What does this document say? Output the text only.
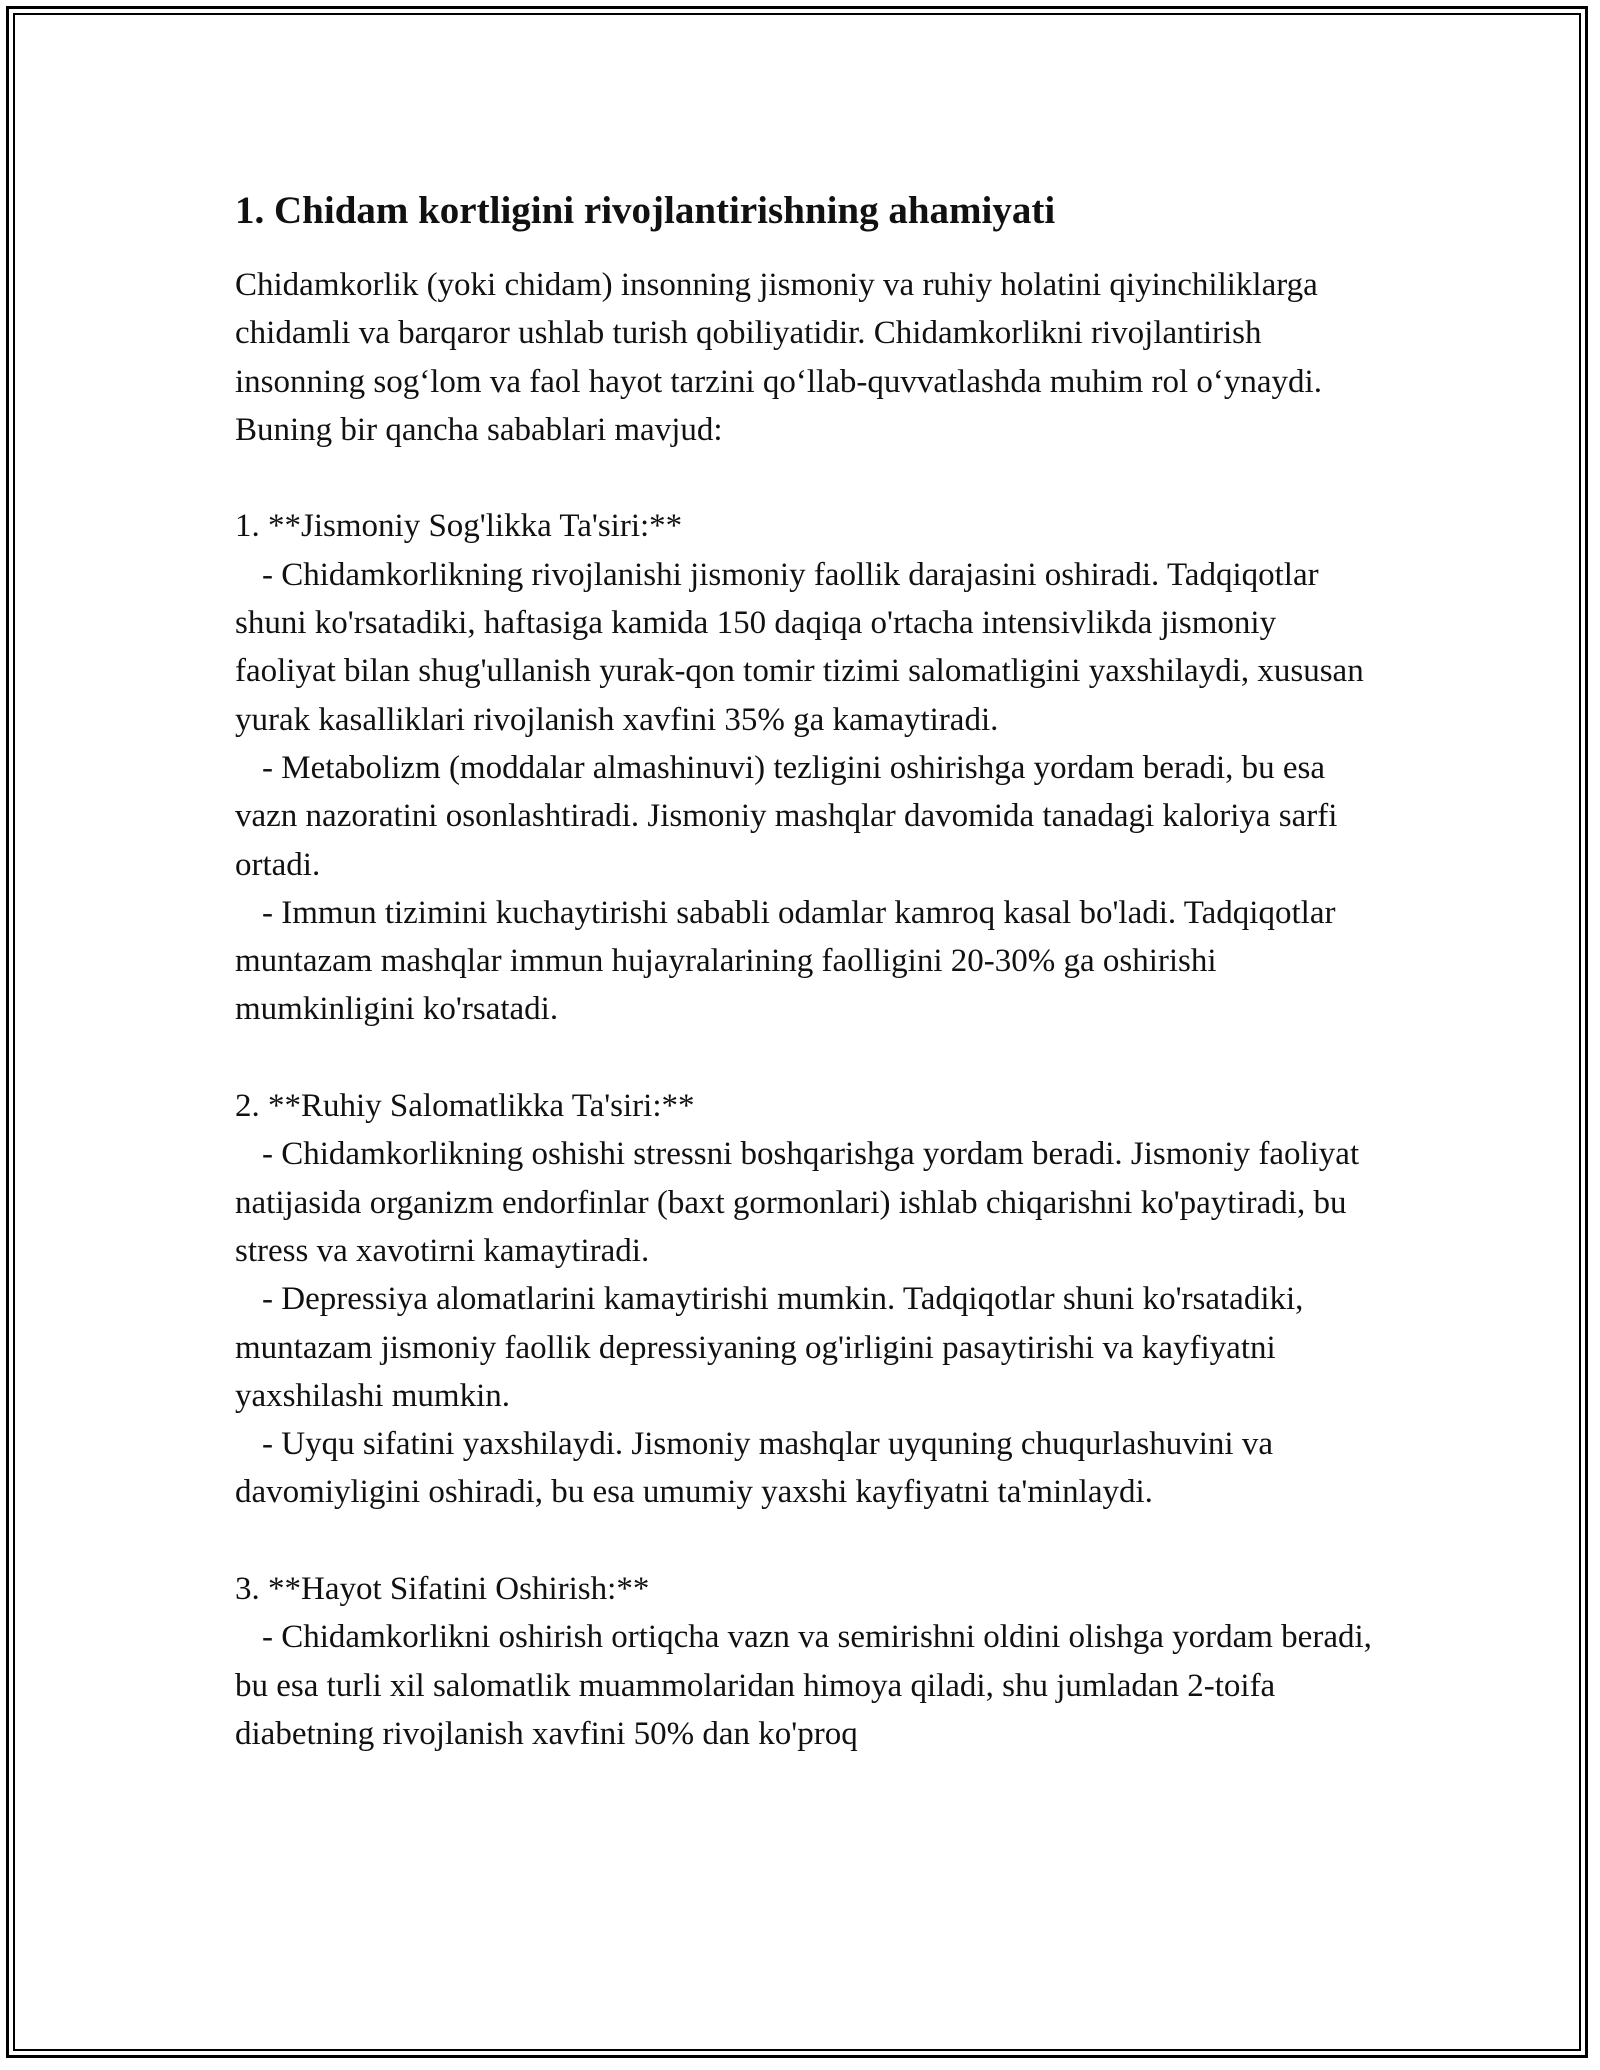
1. Chidam kortligini rivojlantirishning ahamiyati

Chidamkorlik (yoki chidam) insonning jismoniy va ruhiy holatini qiyinchiliklarga chidamli va barqaror ushlab turish qobiliyatidir. Chidamkorlikni rivojlantirish insonning sog‘lom va faol hayot tarzini qo‘llab-quvvatlashda muhim rol o‘ynaydi. Buning bir qancha sabablari mavjud:

1. **Jismoniy Sog'likka Ta'siri:**

- Chidamkorlikning rivojlanishi jismoniy faollik darajasini oshiradi. Tadqiqotlar shuni ko'rsatadiki, haftasiga kamida 150 daqiqa o'rtacha intensivlikda jismoniy faoliyat bilan shug'ullanish yurak-qon tomir tizimi salomatligini yaxshilaydi, xususan yurak kasalliklari rivojlanish xavfini 35% ga kamaytiradi.

- Metabolizm (moddalar almashinuvi) tezligini oshirishga yordam beradi, bu esa vazn nazoratini osonlashtiradi. Jismoniy mashqlar davomida tanadagi kaloriya sarfi ortadi.

- Immun tizimini kuchaytirishi sababli odamlar kamroq kasal bo'ladi. Tadqiqotlar muntazam mashqlar immun hujayralarining faolligini 20-30% ga oshirishi mumkinligini ko'rsatadi.

2. **Ruhiy Salomatlikka Ta'siri:**

- Chidamkorlikning oshishi stressni boshqarishga yordam beradi. Jismoniy faoliyat natijasida organizm endorfinlar (baxt gormonlari) ishlab chiqarishni ko'paytiradi, bu stress va xavotirni kamaytiradi.

- Depressiya alomatlarini kamaytirishi mumkin. Tadqiqotlar shuni ko'rsatadiki, muntazam jismoniy faollik depressiyaning og'irligini pasaytirishi va kayfiyatni yaxshilashi mumkin.

- Uyqu sifatini yaxshilaydi. Jismoniy mashqlar uyquning chuqurlashuvini va davomiyligini oshiradi, bu esa umumiy yaxshi kayfiyatni ta'minlaydi.

3. **Hayot Sifatini Oshirish:**

- Chidamkorlikni oshirish ortiqcha vazn va semirishni oldini olishga yordam beradi, bu esa turli xil salomatlik muammolaridan himoya qiladi, shu jumladan 2-toifa diabetning rivojlanish xavfini 50% dan ko'proq
